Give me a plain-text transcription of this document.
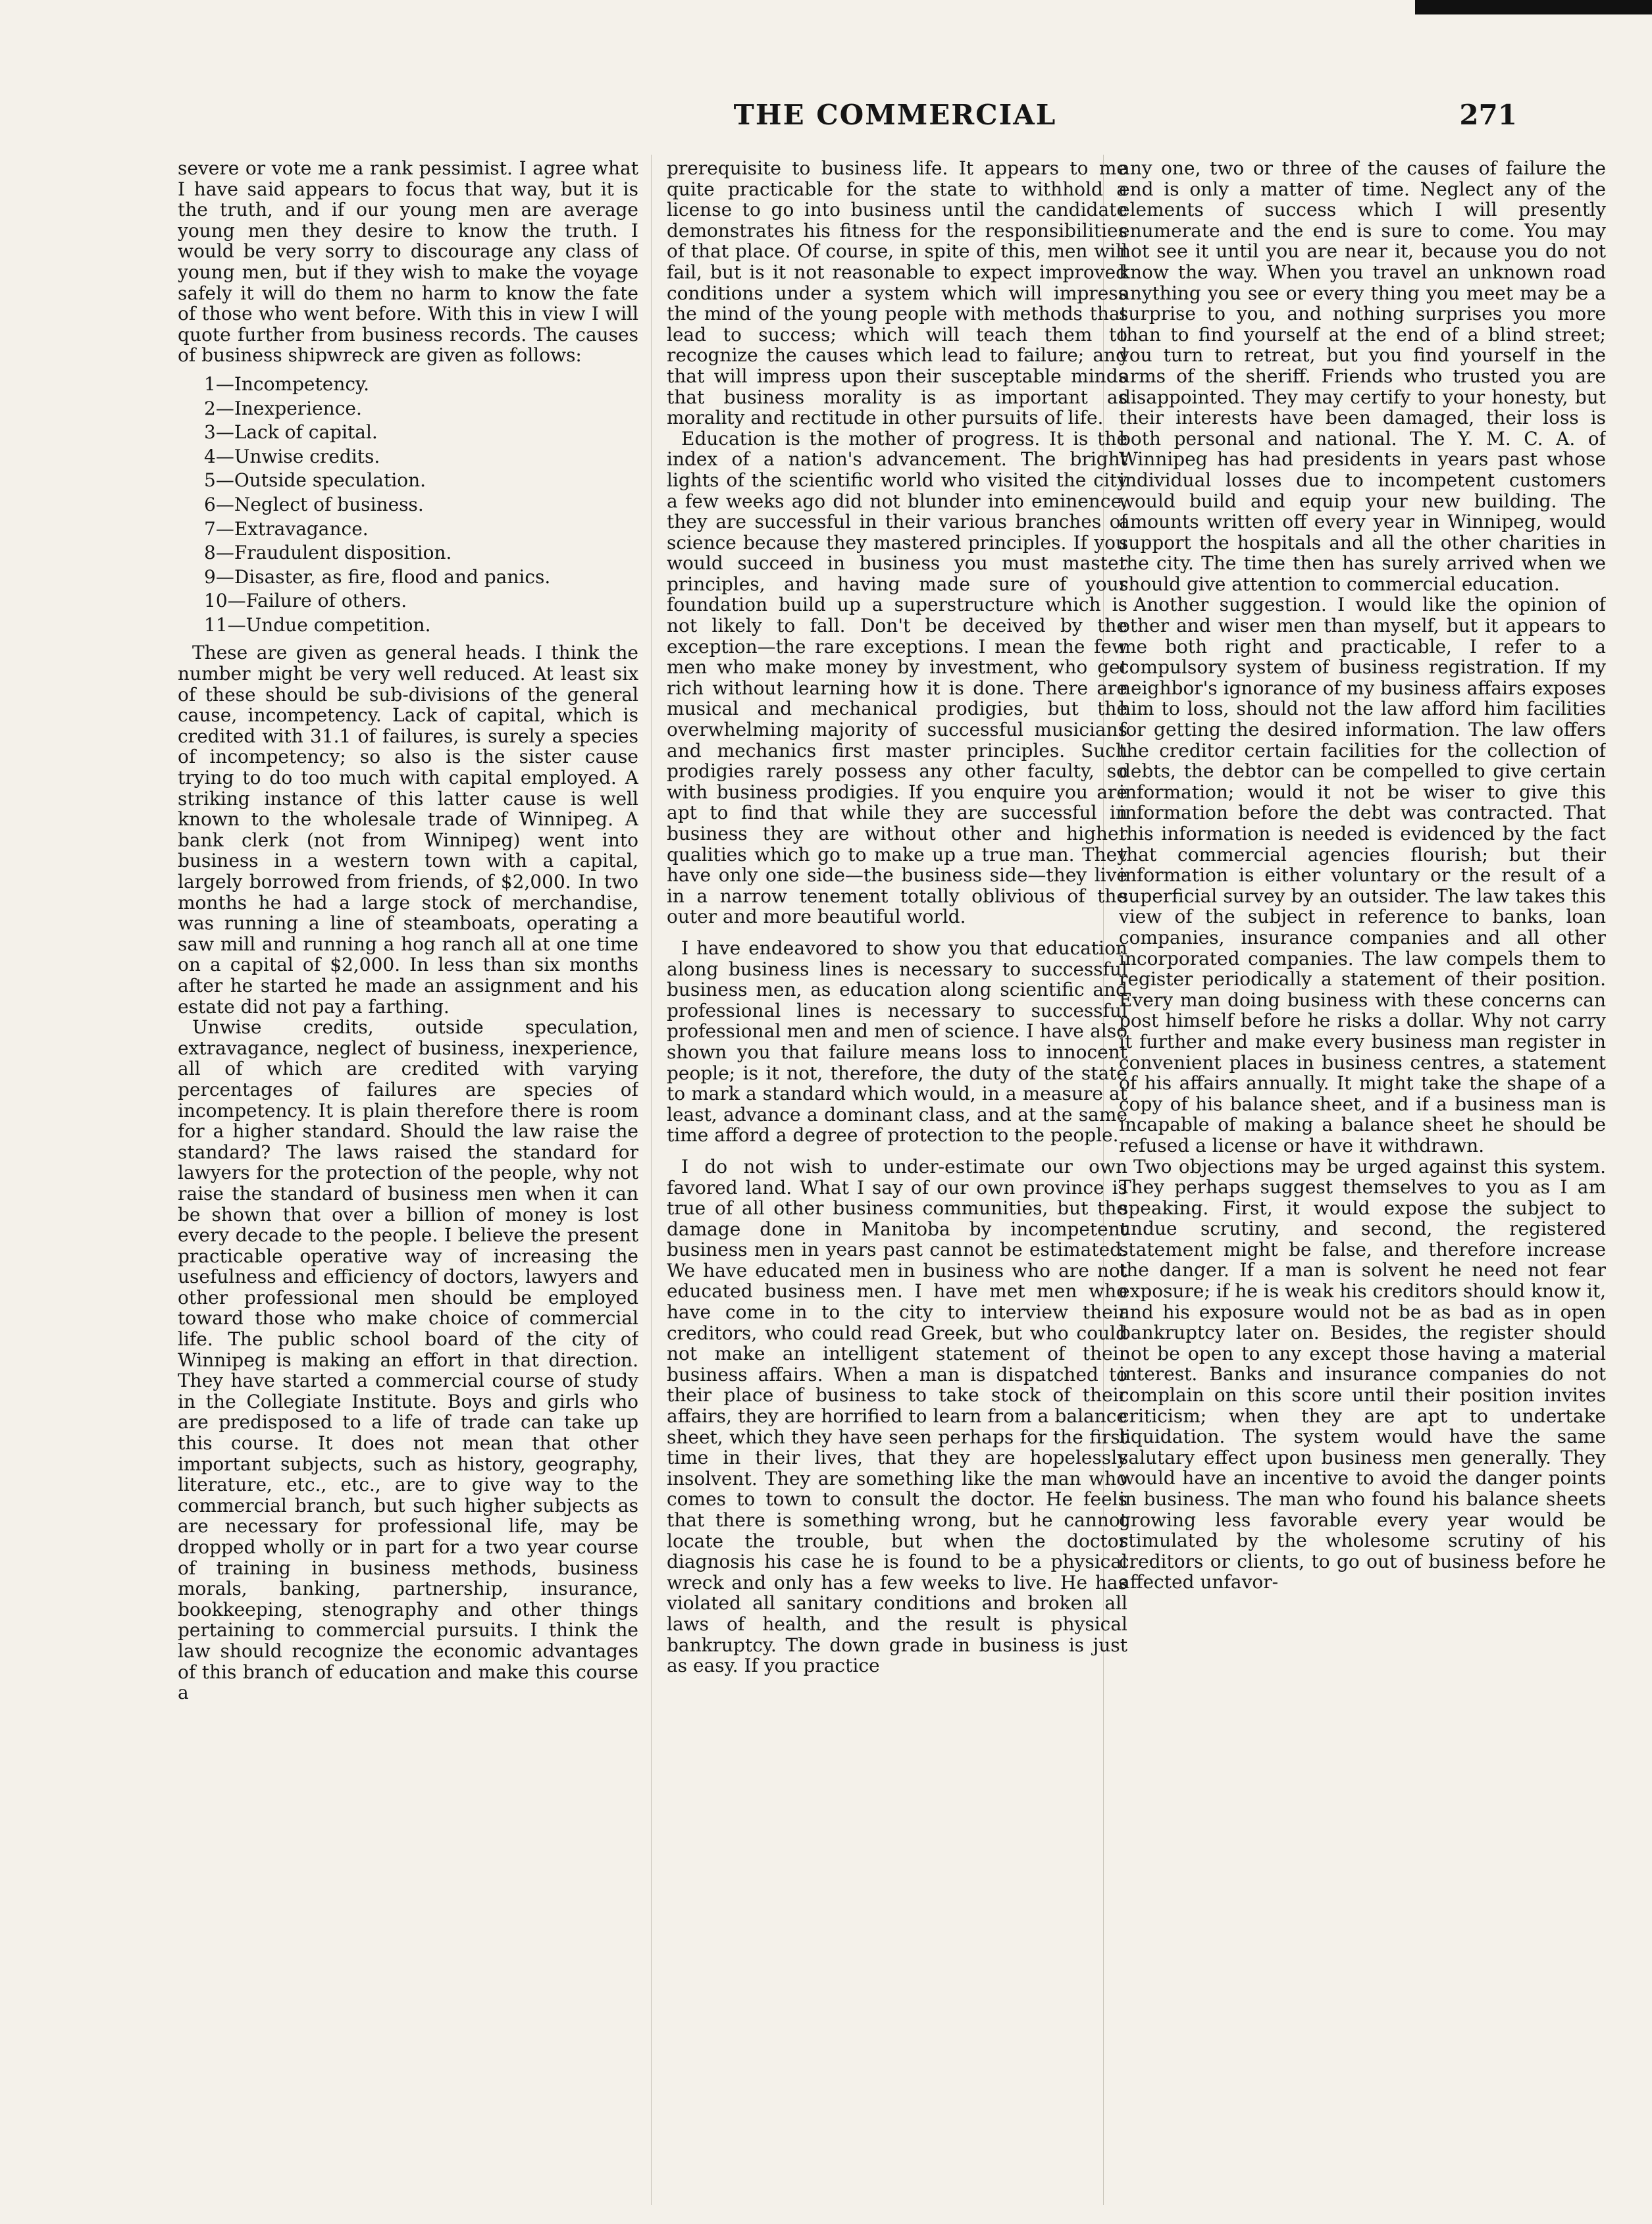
THE COMMERCIAL	271

severe or vote me a rank pessimist. I agree what I have said appears to focus that way, but it is the truth, and if our young men are average young men they desire to know the truth. I would be very sorry to discourage any class of young men, but if they wish to make the voyage safely it will do them no harm to know the fate of those who went before. With this in view I will quote further from business records. The causes of business shipwreck are given as follows:

1—Incompetency.
2—Inexperience.
3—Lack of capital.
4—Unwise credits.
5—Outside speculation.
6—Neglect of business.
7—Extravagance.
8—Fraudulent disposition.
9—Disaster, as fire, flood and panics.
10—Failure of others.
11—Undue competition.

These are given as general heads. I think the number might be very well reduced. At least six of these should be sub-divisions of the general cause, incompetency. Lack of capital, which is credited with 31.1 of failures, is surely a species of incompetency; so also is the sister cause trying to do too much with capital employed. A striking instance of this latter cause is well known to the wholesale trade of Winnipeg. A bank clerk (not from Winnipeg) went into business in a western town with a capital, largely borrowed from friends, of $2,000. In two months he had a large stock of merchandise, was running a line of steamboats, operating a saw mill and running a hog ranch all at one time on a capital of $2,000. In less than six months after he started he made an assignment and his estate did not pay a farthing.

Unwise credits, outside speculation, extravagance, neglect of business, inexperience, all of which are credited with varying percentages of failures are species of incompetency. It is plain therefore there is room for a higher standard. Should the law raise the standard? The laws raised the standard for lawyers for the protection of the people, why not raise the standard of business men when it can be shown that over a billion of money is lost every decade to the people. I believe the present practicable operative way of increasing the usefulness and efficiency of doctors, lawyers and other professional men should be employed toward those who make choice of commercial life. The public school board of the city of Winnipeg is making an effort in that direction. They have started a commercial course of study in the Collegiate Institute. Boys and girls who are predisposed to a life of trade can take up this course. It does not mean that other important subjects, such as history, geography, literature, etc., etc., are to give way to the commercial branch, but such higher subjects as are necessary for professional life, may be dropped wholly or in part for a two year course of training in business methods, business morals, banking, partnership, insurance, bookkeeping, stenography and other things pertaining to commercial pursuits. I think the law should recognize the economic advantages of this branch of education and make this course a

prerequisite to business life. It appears to me quite practicable for the state to withhold a license to go into business until the candidate demonstrates his fitness for the responsibilities of that place. Of course, in spite of this, men will fail, but is it not reasonable to expect improved conditions under a system which will impress the mind of the young people with methods that lead to success; which will teach them to recognize the causes which lead to failure; and that will impress upon their susceptable minds that business morality is as important as morality and rectitude in other pursuits of life.

Education is the mother of progress. It is the index of a nation's advancement. The bright lights of the scientific world who visited the city a few weeks ago did not blunder into eminence, they are successful in their various branches of science because they mastered principles. If you would succeed in business you must master principles, and having made sure of your foundation build up a superstructure which is not likely to fall. Don't be deceived by the exception—the rare exceptions. I mean the few men who make money by investment, who get rich without learning how it is done. There are musical and mechanical prodigies, but the overwhelming majority of successful musicians and mechanics first master principles. Such prodigies rarely possess any other faculty, so with business prodigies. If you enquire you are apt to find that while they are successful in business they are without other and higher qualities which go to make up a true man. They have only one side—the business side—they live in a narrow tenement totally oblivious of the outer and more beautiful world.

I have endeavored to show you that education along business lines is necessary to successful business men, as education along scientific and professional lines is necessary to successful professional men and men of science. I have also shown you that failure means loss to innocent people; is it not, therefore, the duty of the state to mark a standard which would, in a measure at least, advance a dominant class, and at the same time afford a degree of protection to the people.

I do not wish to under-estimate our own favored land. What I say of our own province is true of all other business communities, but the damage done in Manitoba by incompetent business men in years past cannot be estimated. We have educated men in business who are not educated business men. I have met men who have come in to the city to interview their creditors, who could read Greek, but who could not make an intelligent statement of their business affairs. When a man is dispatched to their place of business to take stock of their affairs, they are horrified to learn from a balance sheet, which they have seen perhaps for the first time in their lives, that they are hopelessly insolvent. They are something like the man who comes to town to consult the doctor. He feels that there is something wrong, but he cannot locate the trouble, but when the doctor diagnosis his case he is found to be a physical wreck and only has a few weeks to live. He has violated all sanitary conditions and broken all laws of health, and the result is physical bankruptcy. The down grade in business is just as easy. If you practice

any one, two or three of the causes of failure the end is only a matter of time. Neglect any of the elements of success which I will presently enumerate and the end is sure to come. You may not see it until you are near it, because you do not know the way. When you travel an unknown road anything you see or every thing you meet may be a surprise to you, and nothing surprises you more than to find yourself at the end of a blind street; you turn to retreat, but you find yourself in the arms of the sheriff. Friends who trusted you are disappointed. They may certify to your honesty, but their interests have been damaged, their loss is both personal and national. The Y. M. C. A. of Winnipeg has had presidents in years past whose individual losses due to incompetent customers would build and equip your new building. The amounts written off every year in Winnipeg, would support the hospitals and all the other charities in the city. The time then has surely arrived when we should give attention to commercial education.

Another suggestion. I would like the opinion of other and wiser men than myself, but it appears to me both right and practicable, I refer to a compulsory system of business registration. If my neighbor's ignorance of my business affairs exposes him to loss, should not the law afford him facilities for getting the desired information. The law offers the creditor certain facilities for the collection of debts, the debtor can be compelled to give certain information; would it not be wiser to give this information before the debt was contracted. That this information is needed is evidenced by the fact that commercial agencies flourish; but their information is either voluntary or the result of a superficial survey by an outsider. The law takes this view of the subject in reference to banks, loan companies, insurance companies and all other incorporated companies. The law compels them to register periodically a statement of their position. Every man doing business with these concerns can post himself before he risks a dollar. Why not carry it further and make every business man register in convenient places in business centres, a statement of his affairs annually. It might take the shape of a copy of his balance sheet, and if a business man is incapable of making a balance sheet he should be refused a license or have it withdrawn.

Two objections may be urged against this system. They perhaps suggest themselves to you as I am speaking. First, it would expose the subject to undue scrutiny, and second, the registered statement might be false, and therefore increase the danger. If a man is solvent he need not fear exposure; if he is weak his creditors should know it, and his exposure would not be as bad as in open bankruptcy later on. Besides, the register should not be open to any except those having a material interest. Banks and insurance companies do not complain on this score until their position invites criticism; when they are apt to undertake liquidation. The system would have the same salutary effect upon business men generally. They would have an incentive to avoid the danger points in business. The man who found his balance sheets growing less favorable every year would be stimulated by the wholesome scrutiny of his creditors or clients, to go out of business before he affected unfavor-
